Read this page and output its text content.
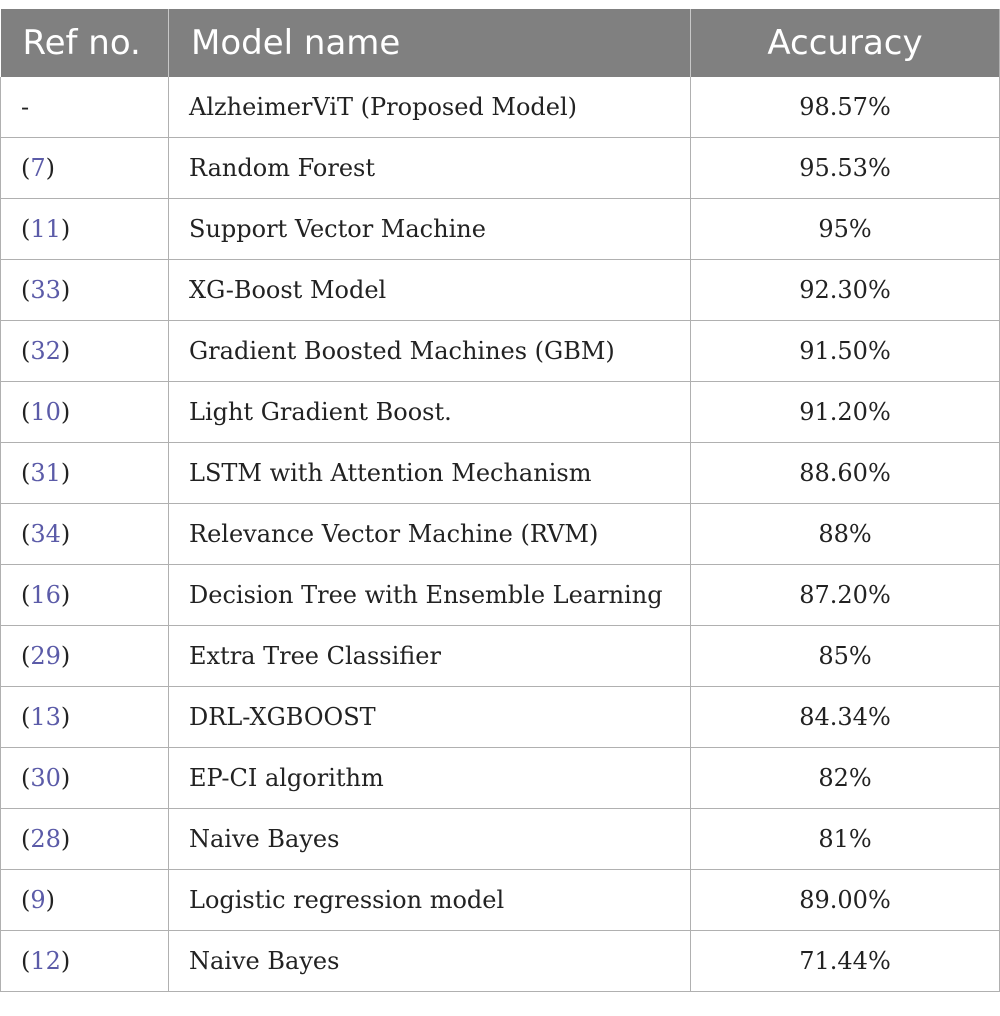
Ref no.	Model name	Accuracy
-	AlzheimerViT (Proposed Model)	98.57%
(7)	Random Forest	95.53%
(11)	Support Vector Machine	95%
(33)	XG-Boost Model	92.30%
(32)	Gradient Boosted Machines (GBM)	91.50%
(10)	Light Gradient Boost.	91.20%
(31)	LSTM with Attention Mechanism	88.60%
(34)	Relevance Vector Machine (RVM)	88%
(16)	Decision Tree with Ensemble Learning	87.20%
(29)	Extra Tree Classifier	85%
(13)	DRL-XGBOOST	84.34%
(30)	EP-CI algorithm	82%
(28)	Naive Bayes	81%
(9)	Logistic regression model	89.00%
(12)	Naive Bayes	71.44%
